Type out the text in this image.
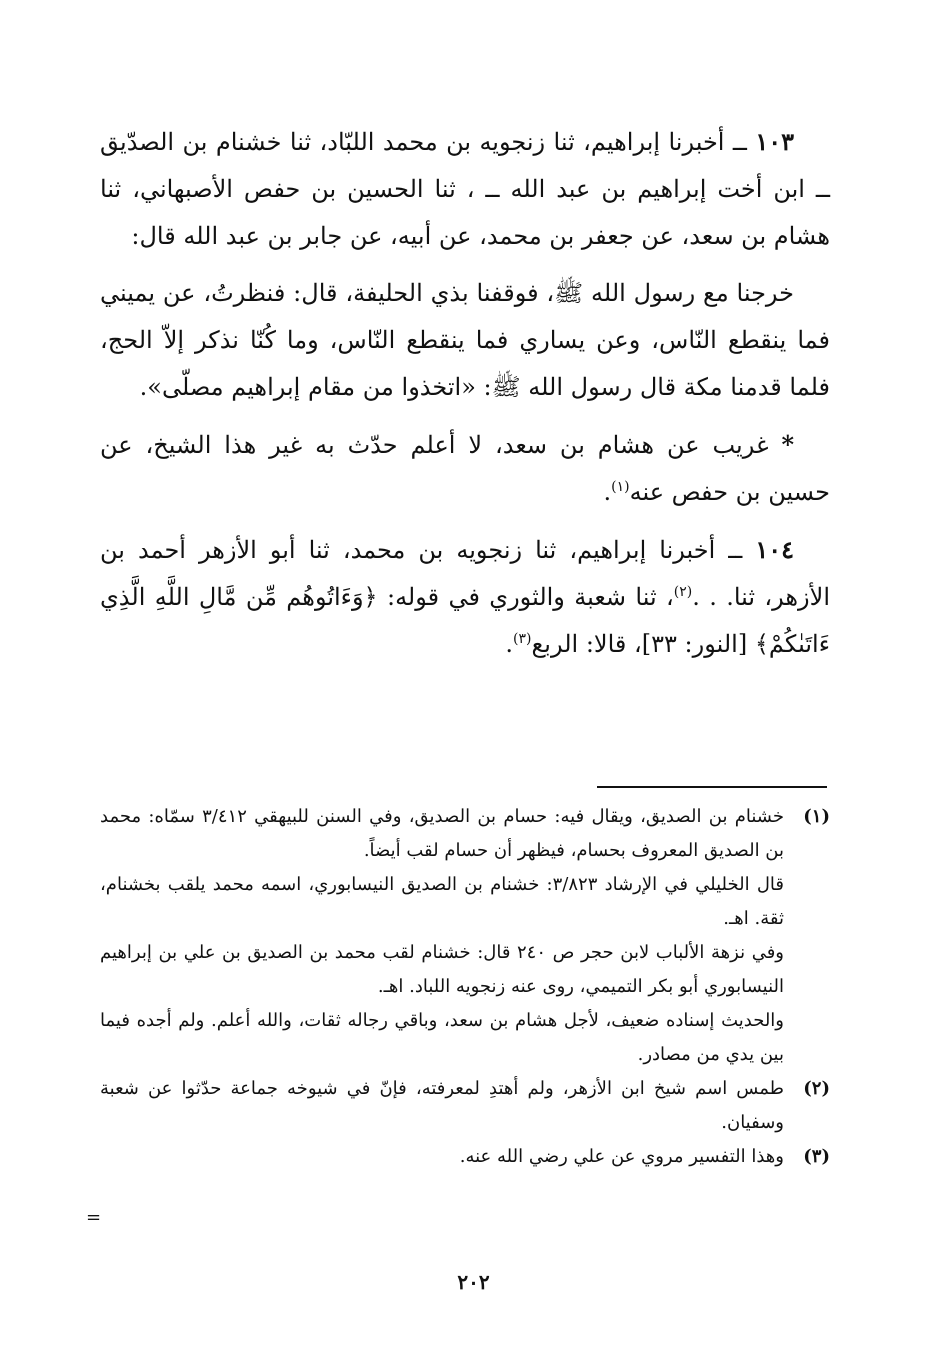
١٠٣ ــ أخبرنا إبراهيم، ثنا زنجويه بن محمد اللبّاد، ثنا خشنام بن الصدّيق ــ ابن أخت إبراهيم بن عبد الله ــ ، ثنا الحسين بن حفص الأصبهاني، ثنا هشام بن سعد، عن جعفر بن محمد، عن أبيه، عن جابر بن عبد الله قال:

خرجنا مع رسول الله ﷺ، فوقفنا بذي الحليفة، قال: فنظرتُ، عن يميني فما ينقطع النّاس، وعن يساري فما ينقطع النّاس، وما كُنّا نذكر إلاّ الحج، فلما قدمنا مكة قال رسول الله ﷺ: «اتخذوا من مقام إبراهيم مصلّى».

* غريب عن هشام بن سعد، لا أعلم حدّث به غير هذا الشيخ، عن حسين بن حفص عنه$^{(١)}$.

١٠٤ ــ أخبرنا إبراهيم، ثنا زنجويه بن محمد، ثنا أبو الأزهر أحمد بن الأزهر، ثنا. . .$^{(٢)}$، ثنا شعبة والثوري في قوله: ﴿وَءَاتُوهُم مِّن مَّالِ اللَّهِ الَّذِي ءَاتَىٰكُمْ﴾ [النور: ٣٣]، قالا: الربع$^{(٣)}$.

(١)

خشنام بن الصديق، ويقال فيه: حسام بن الصديق، وفي السنن للبيهقي ٣/٤١٢ سمّاه: محمد بن الصديق المعروف بحسام، فيظهر أن حسام لقب أيضاً.

قال الخليلي في الإرشاد ٣/٨٢٣: خشنام بن الصديق النيسابوري، اسمه محمد يلقب بخشنام، ثقة. اهـ.

وفي نزهة الألباب لابن حجر ص ٢٤٠ قال: خشنام لقب محمد بن الصديق بن علي بن إبراهيم النيسابوري أبو بكر التميمي، روى عنه زنجويه اللباد. اهـ.

والحديث إسناده ضعيف، لأجل هشام بن سعد، وباقي رجاله ثقات، والله أعلم. ولم أجده فيما بين يدي من مصادر.

(٢)

طمس اسم شيخ ابن الأزهر، ولم أهتدِ لمعرفته، فإنّ في شيوخه جماعة حدّثوا عن شعبة وسفيان.

(٣)

وهذا التفسير مروي عن علي رضي الله عنه.

=
٢٠٢
